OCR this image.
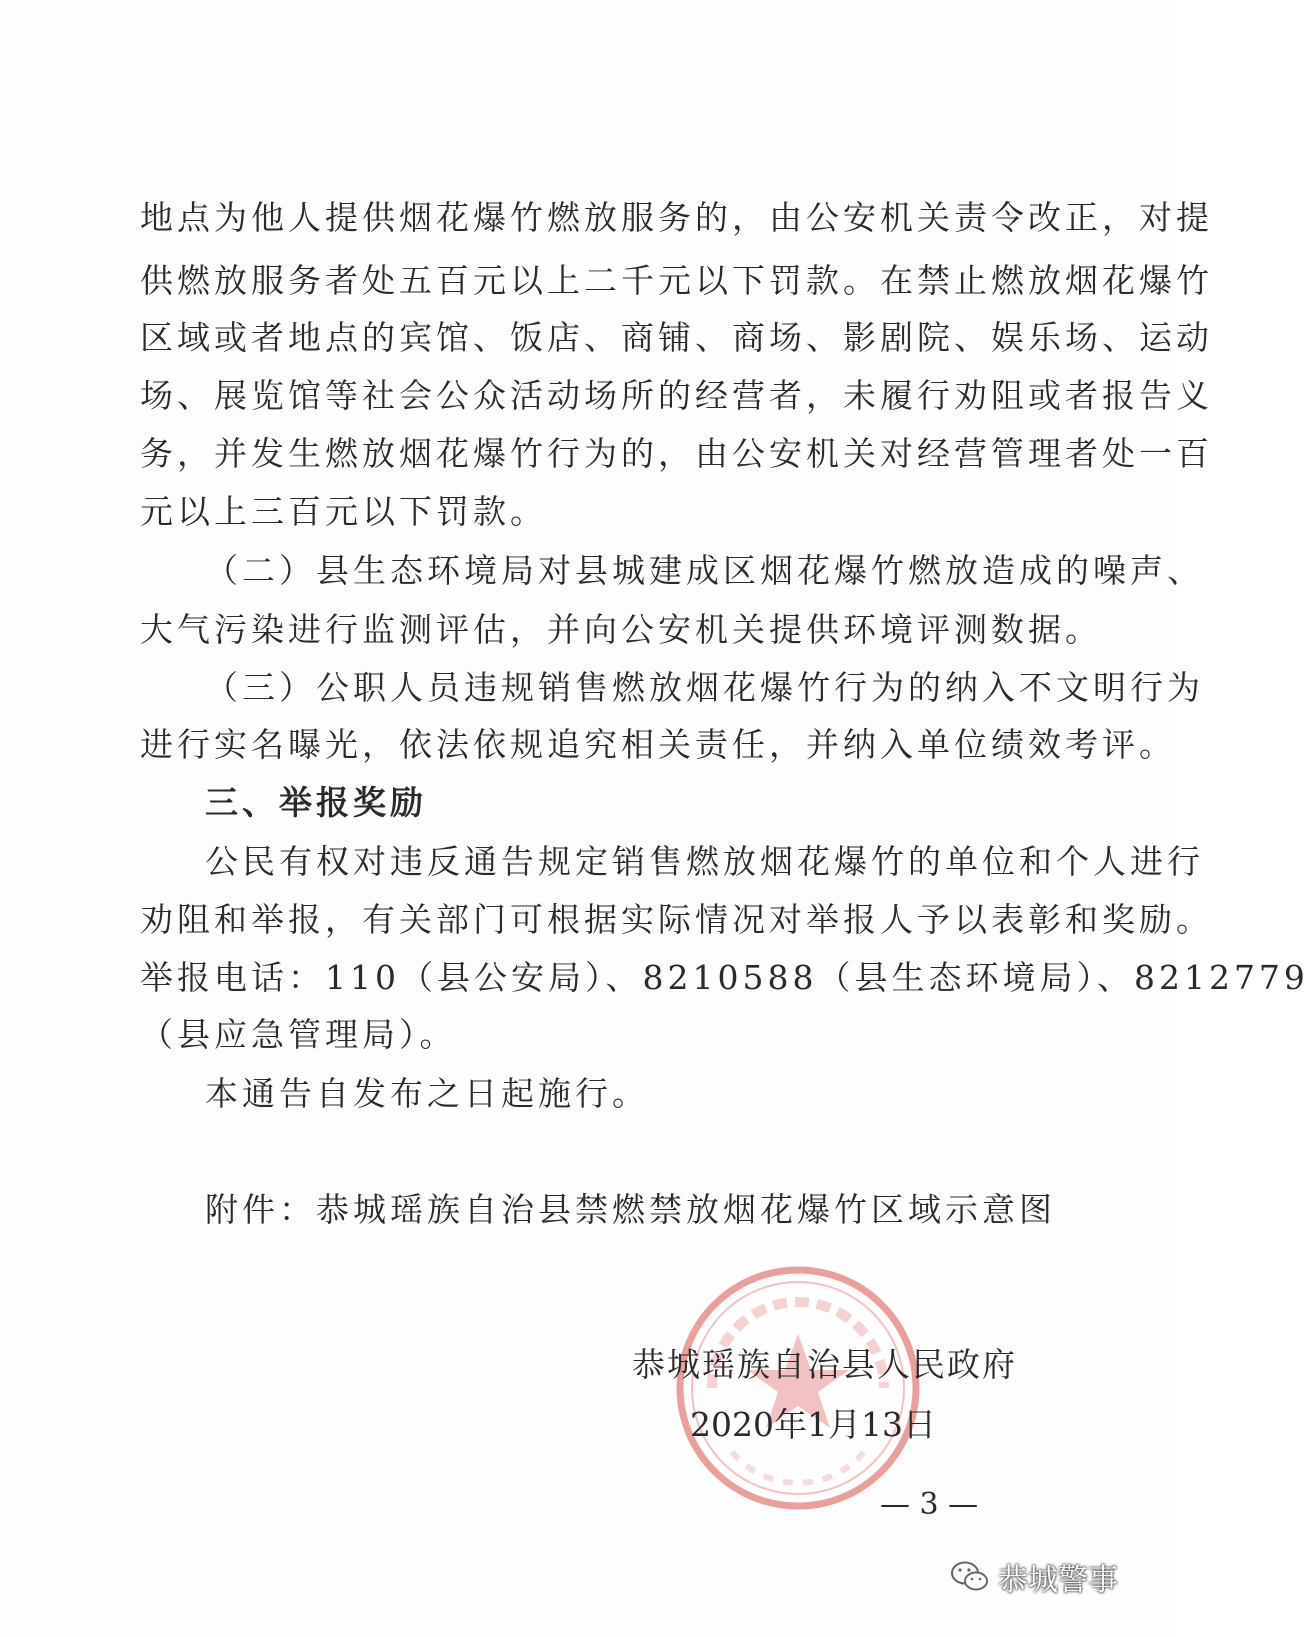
地点为他人提供烟花爆竹燃放服务的，由公安机关责令改正，对提
供燃放服务者处五百元以上二千元以下罚款。在禁止燃放烟花爆竹
区域或者地点的宾馆、饭店、商铺、商场、影剧院、娱乐场、运动
场、展览馆等社会公众活动场所的经营者，未履行劝阻或者报告义
务，并发生燃放烟花爆竹行为的，由公安机关对经营管理者处一百
元以上三百元以下罚款。
（二）县生态环境局对县城建成区烟花爆竹燃放造成的噪声、
大气污染进行监测评估，并向公安机关提供环境评测数据。
（三）公职人员违规销售燃放烟花爆竹行为的纳入不文明行为
进行实名曝光，依法依规追究相关责任，并纳入单位绩效考评。
三、举报奖励
公民有权对违反通告规定销售燃放烟花爆竹的单位和个人进行
劝阻和举报，有关部门可根据实际情况对举报人予以表彰和奖励。
举报电话：110（县公安局）、8210588（县生态环境局）、8212779
（县应急管理局）。
本通告自发布之日起施行。
附件：恭城瑶族自治县禁燃禁放烟花爆竹区域示意图
恭城瑶族自治县人民政府
2020年1月13日
— 3 —
恭城警事
